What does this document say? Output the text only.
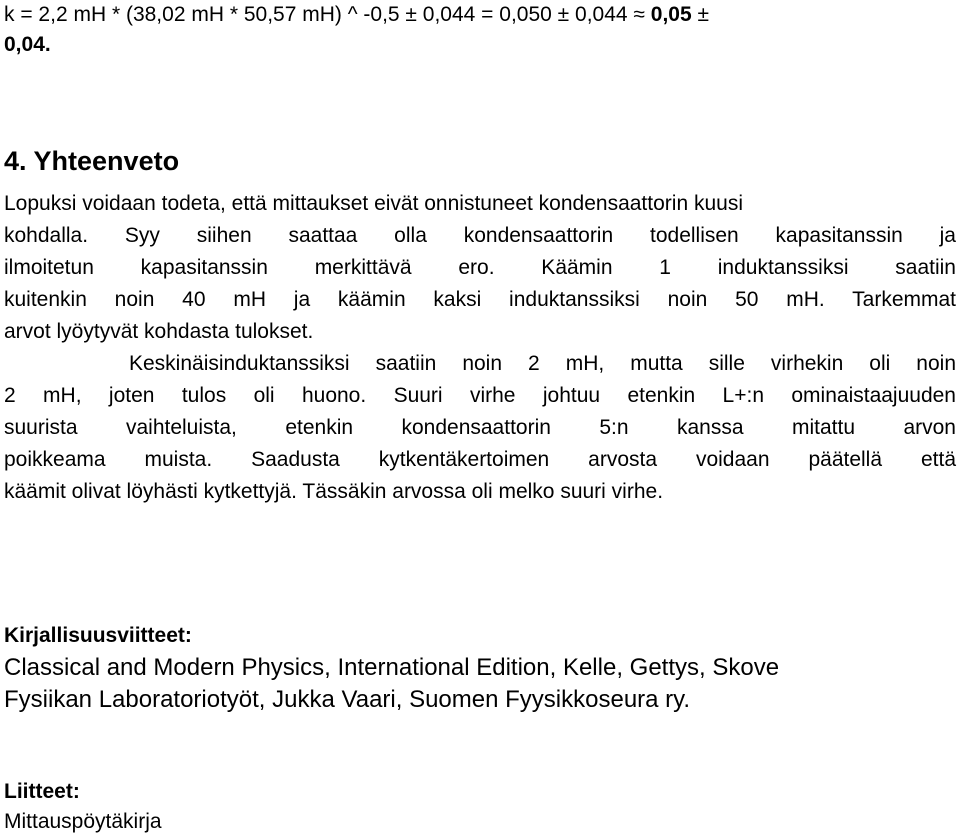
k = 2,2 mH * (38,02 mH * 50,57 mH) ^ -0,5 ± 0,044 = 0,050 ± 0,044 ≈ 0,05 ±
0,04.
4. Yhteenveto
Lopuksi voidaan todeta, että mittaukset eivät onnistuneet kondensaattorin kuusi
kohdalla. Syy siihen saattaa olla kondensaattorin todellisen kapasitanssin ja
ilmoitetun kapasitanssin merkittävä ero. Käämin 1 induktanssiksi saatiin
kuitenkin noin 40 mH ja käämin kaksi induktanssiksi noin 50 mH. Tarkemmat
arvot lyöytyvät kohdasta tulokset.
Keskinäisinduktanssiksi saatiin noin 2 mH, mutta sille virhekin oli noin
2 mH, joten tulos oli huono. Suuri virhe johtuu etenkin L+:n ominaistaajuuden
suurista vaihteluista, etenkin kondensaattorin 5:n kanssa mitattu arvon
poikkeama muista. Saadusta kytkentäkertoimen arvosta voidaan päätellä että
käämit olivat löyhästi kytkettyjä. Tässäkin arvossa oli melko suuri virhe.
Kirjallisuusviitteet:
Classical and Modern Physics, International Edition, Kelle, Gettys, Skove
Fysiikan Laboratoriotyöt, Jukka Vaari, Suomen Fyysikkoseura ry.
Liitteet:
Mittauspöytäkirja
